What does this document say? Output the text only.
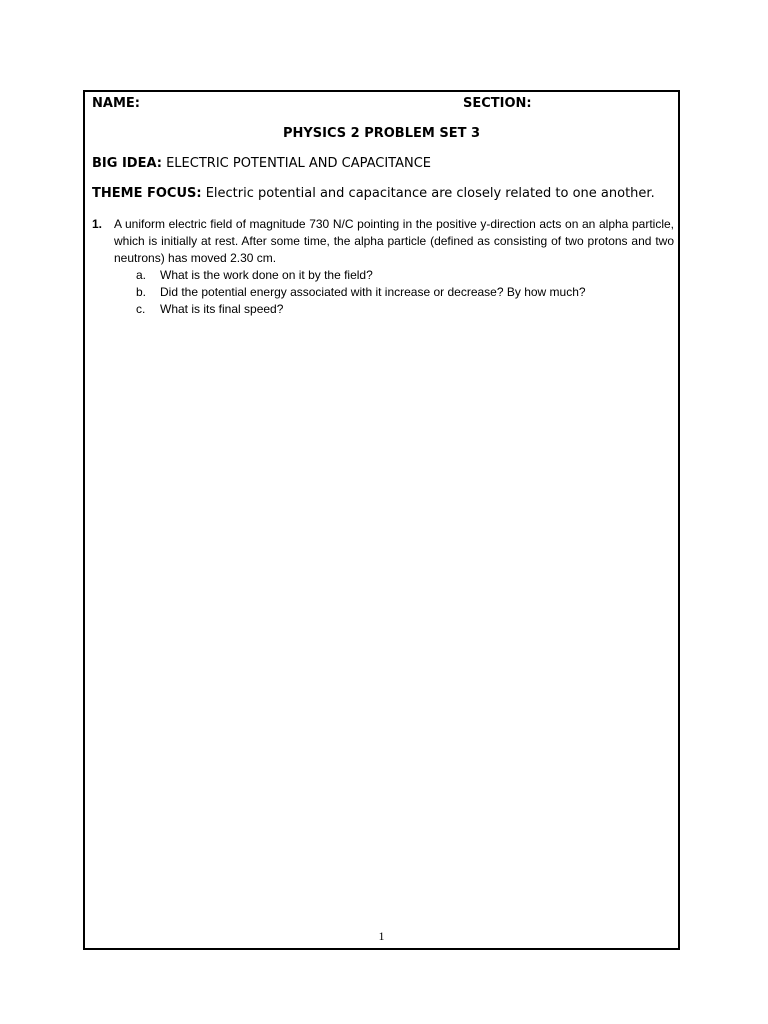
NAME:	SECTION:
PHYSICS 2 PROBLEM SET 3
BIG IDEA: ELECTRIC POTENTIAL AND CAPACITANCE
THEME FOCUS: Electric potential and capacitance are closely related to one another.
1. A uniform electric field of magnitude 730 N/C pointing in the positive y-direction acts on an alpha particle, which is initially at rest. After some time, the alpha particle (defined as consisting of two protons and two neutrons) has moved 2.30 cm.
a. What is the work done on it by the field?
b. Did the potential energy associated with it increase or decrease? By how much?
c. What is its final speed?
1
